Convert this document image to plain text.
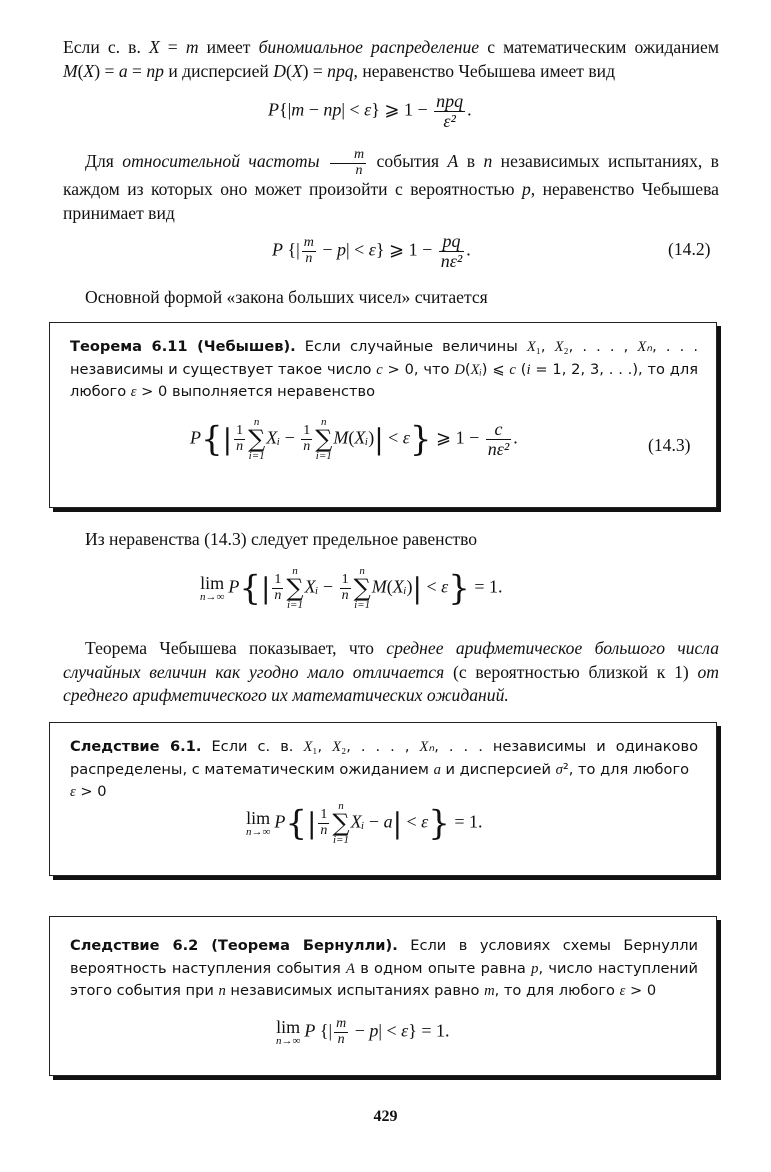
Если с. в. X = m имеет биномиальное распределение с математическим ожиданием M(X) = a = np и дисперсией D(X) = npq, неравенство Чебышева имеет вид
P{|m − np| < ε} ⩾ $1 - \frac{\text{npq}}{\text{ε²}}$ .
Для относительной частоты $\frac{m}{n}$ события A в n независимых испытаниях, в каждом из которых оно может произойти с вероятностью p, неравенство Чебышева принимает вид
P {| $\frac{m}{n} - p| < \varepsilon$} ⩾ $1 - \frac{pq}{\text{nε²}}$ .	(14.2)
Основной формой «закона больших чисел» считается
Теорема 6.11 (Чебышев). Если случайные величины X₁, X₂, . . . , Xₙ, . . . независимы и существует такое число c > 0, что D(Xᵢ) ⩽ c (i = 1, 2, 3, . . .), то для любого ε > 0 выполняется неравенство
$P\{| \frac{1}{n}$
n
∑
i=1
Xᵢ − $\frac{1}{n}$
n
∑
i=1
M(Xᵢ)| < ε} ⩾ $1 - \frac{c}{\text{nε²}}$ .	(14.3)
Из неравенства (14.3) следует предельное равенство
lim
n→∞
$P\{| \frac{1}{n}$
n
∑
i=1
Xᵢ − $\frac{1}{n}$
n
∑
i=1
M(Xᵢ)| < ε} = 1.
Теорема Чебышева показывает, что среднее арифметическое большого числа случайных величин как угодно мало отличается (с вероятностью близкой к 1) от среднего арифметического их математических ожиданий.
Следствие 6.1. Если с. в. X₁, X₂, . . . , Xₙ, . . . независимы и одинаково распределены, с математическим ожиданием a и дисперсией σ², то для любого
ε > 0
lim
n→∞
$P\{| \frac{1}{n}$
n
∑
i=1
Xᵢ − a| < ε} = 1.
Следствие 6.2 (Теорема Бернулли). Если в условиях схемы Бернулли вероятность наступления события A в одном опыте равна p, число наступлений этого события при n независимых испытаниях равно m, то для любого ε > 0
lim
n→∞
P {| $\frac{m}{n} - p| < \varepsilon\} = 1$.
429
